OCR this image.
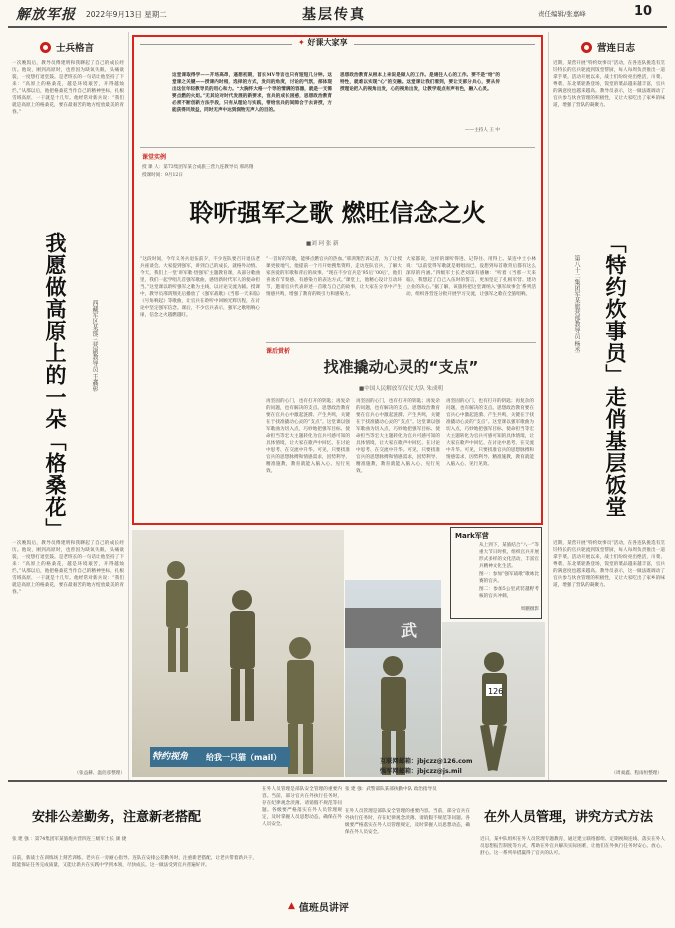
解放军报 2022年9月13日 星期二	基层传真	责任编辑/张嘉峰	10
士兵格言
一次晚饭后，教导员傅建明和我聊起了自己的成长经历。他说，刚到高原时，也曾因为缺氧失眠、头痛欲裂，一度想打退堂鼓。是老班长的一句话让他坚持了下来：“高原上的格桑花，越是环境艰苦，开得越灿烂。”从那以后，他把格桑花当作自己的精神坐标，扎根雪域高原，一干就是十几年。他经常对新兵说：“我们就是高原上的格桑花，要在最艰苦的地方绽放最美的青春。”
我愿做高原上的一朵「格桑花」	西藏军区某部三营副教导员 王鑫彰
一次晚饭后，教导员傅建明和我聊起了自己的成长经历。他说，刚到高原时，也曾因为缺氧失眠、头痛欲裂，一度想打退堂鼓。是老班长的一句话让他坚持了下来：“高原上的格桑花，越是环境艰苦，开得越灿烂。”从那以后，他把格桑花当作自己的精神坐标，扎根雪域高原，一干就是十几年。他经常对新兵说：“我们就是高原上的格桑花，要在最艰苦的地方绽放最美的青春。”
（张益赫、温佰彦整理）
营连日志
近期，某营开展“特约炊事员”活动，在各连队挑选有烹饪特长的官兵轮流到饭堂帮厨，每人每周负责推出一道拿手菜。活动开展以来，战士们纷纷亮出绝活，川菜、粤菜、东北菜轮番登场，饭堂的菜品越来越丰富，官兵的满意度也越来越高。教导员表示，这一做法既调动了官兵参与伙食管理的积极性，又让大家吃出了家乡的味道，增强了营队的凝聚力。
「特约炊事员」走俏基层饭堂
第八十二集团军某旅营部教导员 杨丞
近期，某营开展“特约炊事员”活动，在各连队挑选有烹饪特长的官兵轮流到饭堂帮厨，每人每周负责推出一道拿手菜。活动开展以来，战士们纷纷亮出绝活，川菜、粤菜、东北菜轮番登场，饭堂的菜品越来越丰富，官兵的满意度也越来越高。教导员表示，这一做法既调动了官兵参与伙食管理的积极性，又让大家吃出了家乡的味道，增强了营队的凝聚力。
（周昶鑫、程雨恒整理）
✦ 好课大家享
这堂课取得学——开场高昂，遥想初期，首长MV导言也只有短短几分钟。这堂课之关键——授课内时相，选择的方式，发问的角度，讨论的气氛，部体现出这位年轻教导员的用心和力。“大胸怀大格一个导的情满的容器，就是一支需要点燃的火炬。”无其论对时代发展的新要求，官兵的成长困惑，思想政治教育必须不断创新方法手段，只有从理论与实践，带给官兵的间隙合于去讲授，方能获得风效益，同时无声中达到润物无声入的目的。
思想政治教育从根本上来说是做人的工作。是通往人心的工作。要不是“给”的特性，就难以实现“心”的交融。这堂课让我们看到，要让支部分兵心，要从传授理论把入的视角出发，心的视角出发，让教学观点有声有色，融入心灵。
——主持人 王 中
课堂实例
授 课 人：第73集团军某合成旅三营九连教导员 邢鸿翔
授课时间：9月12日
聆听强军之歌 燃旺信念之火
■刘 珂 张 新
“这段时间，今年义务兵退伍前夕，不少连队要召开退伍老兵座谈会。大家提到强军，讲到自己的成长，就格外动情。今天，我们上一堂‘讲军歌·悟强军’主题教育课，从部分歌曲里，我们一起学唱几首强军歌曲，感悟新时代军人的使命担当。”这堂课以聆听强军之歌为主线，以讨论交流为辅。授课中，教导员邢鸿翔先后播放了《强军战歌》《当那一天来临》《号角响起》等歌曲，让官兵在聆听中回顾光辉历程，在讨论中坚定强军信念。课后，不少官兵表示，强军之歌唱响心扉，信念之火越燃越旺。
“一首好的军歌，能够点燃官兵的热血。”邢鸿翔告诉记者，为了让授课更接地气，他提前一个月开始搜集资料，走访连队官兵，了解大家喜爱的军歌和背后的故事。“现在不少官兵是‘95后’‘00后’，他们喜欢有节奏感、有感染力的表达方式。”课堂上，他精心设计互动环节，邀请官兵代表讲述一首歌与自己的故事，让大家在分享中产生情感共鸣，增强了教育的吸引力和感染力。
大家都说，这样的课听得进、记得住、用得上。某连中士小林说：“以前觉得军歌就是唱唱而已，没想到每首歌背后都有这么深厚的内涵。”四级军士长老刘深有感触：“听着《当那一天来临》，我想起了自己入伍时的誓言，更加坚定了扎根军营、建功立业的决心。”据了解，该旅将把这堂课纳入‘强军故事会’系列活动，组织各营连分批开展学习交流，让强军之歌在全旅唱响。
课后赏析
找准撬动心灵的“支点”
■中国人民解放军仪仗大队 朱成明
再坚固的心门，也有打开的钥匙；再复杂的问题，也有解决的支点。思想政治教育要在官兵心中激起涟漪、产生共鸣，关键在于找准撬动心灵的“支点”。这堂课以强军歌曲为切入点，巧妙地把强军目标、使命担当等宏大主题转化为官兵可感可知的具体情境，让大家在歌声中回忆、在讨论中思考、在交流中升华。可见，只要找准官兵的思想脉搏和情感需求，因势利导、精准施教，教育就能入脑入心、见行见效。
再坚固的心门，也有打开的钥匙；再复杂的问题，也有解决的支点。思想政治教育要在官兵心中激起涟漪、产生共鸣，关键在于找准撬动心灵的“支点”。这堂课以强军歌曲为切入点，巧妙地把强军目标、使命担当等宏大主题转化为官兵可感可知的具体情境，让大家在歌声中回忆、在讨论中思考、在交流中升华。可见，只要找准官兵的思想脉搏和情感需求，因势利导、精准施教，教育就能入脑入心、见行见效。
再坚固的心门，也有打开的钥匙；再复杂的问题，也有解决的支点。思想政治教育要在官兵心中激起涟漪、产生共鸣，关键在于找准撬动心灵的“支点”。这堂课以强军歌曲为切入点，巧妙地把强军目标、使命担当等宏大主题转化为官兵可感可知的具体情境，让大家在歌声中回忆、在讨论中思考、在交流中升华。可见，只要找准官兵的思想脉搏和情感需求，因势利导、精准施教，教育就能入脑入心、见行见效。
武
126
Mark军营
从上到下，某旅结合“八一”等重大节日时机，组织官兵开展形式多样的文化活动，丰富官兵精神文化生活。
图一：参加“强军战歌”歌咏比赛的官兵。
图二：参加5公里武装越野考核的官兵冲刺。
周鹏摄影
特约视角 给我一只猫（mail）	互联网邮箱：jbjczz@126.com
强军网邮箱：jbjczz@js.mil
安排公差勤务，注意新老搭配
张 建 强 ：第74集团军某旅炮兵营四连三级军士长 颜 捷
日前，新战士在训练场上刻苦训练，老兵在一旁耐心指导。连队在安排公差勤务时，注重新老搭配，让老兵带着新兵干，既能保证任务完成质量，又能让新兵在实践中学到本领，尽快成长。这一做法受到官兵普遍好评。
在外人员管理是部队安全管理的重要内容。当前，部分官兵在外执行任务时，存在纪律观念淡薄、请销假不规范等问题。各级要严格落实在外人员管理规定，及时掌握人员思想动态，确保在外人员安全。
张 建 强：武警部队某部执勤中队 政治指导员
在外人员管理是部队安全管理的重要内容。当前，部分官兵在外执行任务时，存在纪律观念淡薄、请销假不规范等问题。各级要严格落实在外人员管理规定，及时掌握人员思想动态，确保在外人员安全。
▲ 值班员讲评
在外人员管理，讲究方式方法
近日，某中队组织在外人员管理专题教育，通过建立联络群组、定期视频连线、落实在外人员思想报告制度等方式，帮助在外官兵解决实际困难，让他们在外执行任务时安心、放心、舒心。这一系列举措赢得了官兵的认可。
